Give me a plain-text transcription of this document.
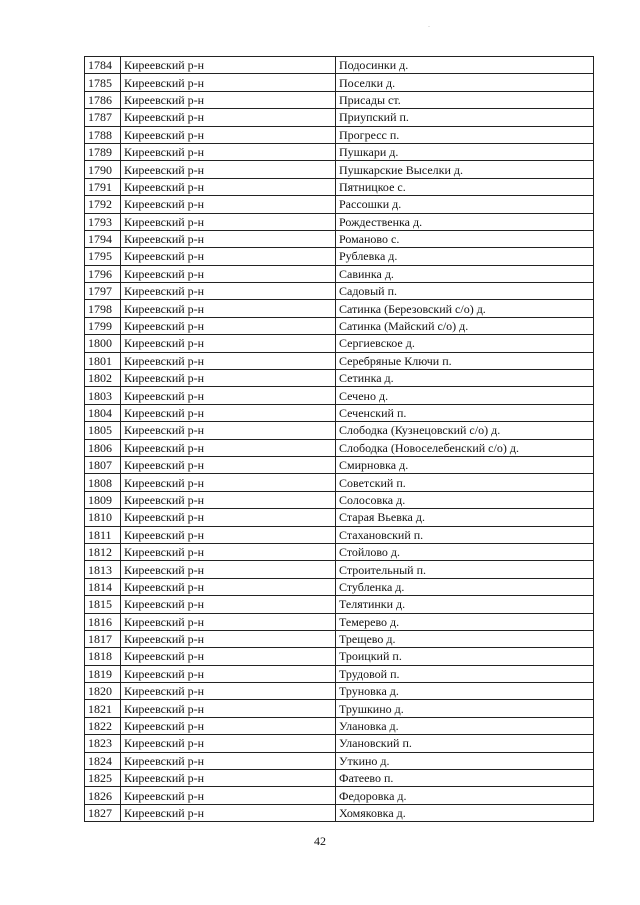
.
1784	Киреевский р-н	Подосинки д.
1785	Киреевский р-н	Поселки д.
1786	Киреевский р-н	Присады ст.
1787	Киреевский р-н	Приупский п.
1788	Киреевский р-н	Прогресс п.
1789	Киреевский р-н	Пушкари д.
1790	Киреевский р-н	Пушкарские Выселки д.
1791	Киреевский р-н	Пятницкое с.
1792	Киреевский р-н	Рассошки д.
1793	Киреевский р-н	Рождественка д.
1794	Киреевский р-н	Романово с.
1795	Киреевский р-н	Рублевка д.
1796	Киреевский р-н	Савинка д.
1797	Киреевский р-н	Садовый п.
1798	Киреевский р-н	Сатинка (Березовский с/о) д.
1799	Киреевский р-н	Сатинка (Майский с/о) д.
1800	Киреевский р-н	Сергиевское д.
1801	Киреевский р-н	Серебряные Ключи п.
1802	Киреевский р-н	Сетинка д.
1803	Киреевский р-н	Сечено д.
1804	Киреевский р-н	Сеченский п.
1805	Киреевский р-н	Слободка (Кузнецовский с/о) д.
1806	Киреевский р-н	Слободка (Новоселебенский с/о) д.
1807	Киреевский р-н	Смирновка д.
1808	Киреевский р-н	Советский п.
1809	Киреевский р-н	Солосовка д.
1810	Киреевский р-н	Старая Вьевка д.
1811	Киреевский р-н	Стахановский п.
1812	Киреевский р-н	Стойлово д.
1813	Киреевский р-н	Строительный п.
1814	Киреевский р-н	Стубленка д.
1815	Киреевский р-н	Телятинки д.
1816	Киреевский р-н	Темерево д.
1817	Киреевский р-н	Трещево д.
1818	Киреевский р-н	Троицкий п.
1819	Киреевский р-н	Трудовой п.
1820	Киреевский р-н	Труновка д.
1821	Киреевский р-н	Трушкино д.
1822	Киреевский р-н	Улановка д.
1823	Киреевский р-н	Улановский п.
1824	Киреевский р-н	Уткино д.
1825	Киреевский р-н	Фатеево п.
1826	Киреевский р-н	Федоровка д.
1827	Киреевский р-н	Хомяковка д.
42
